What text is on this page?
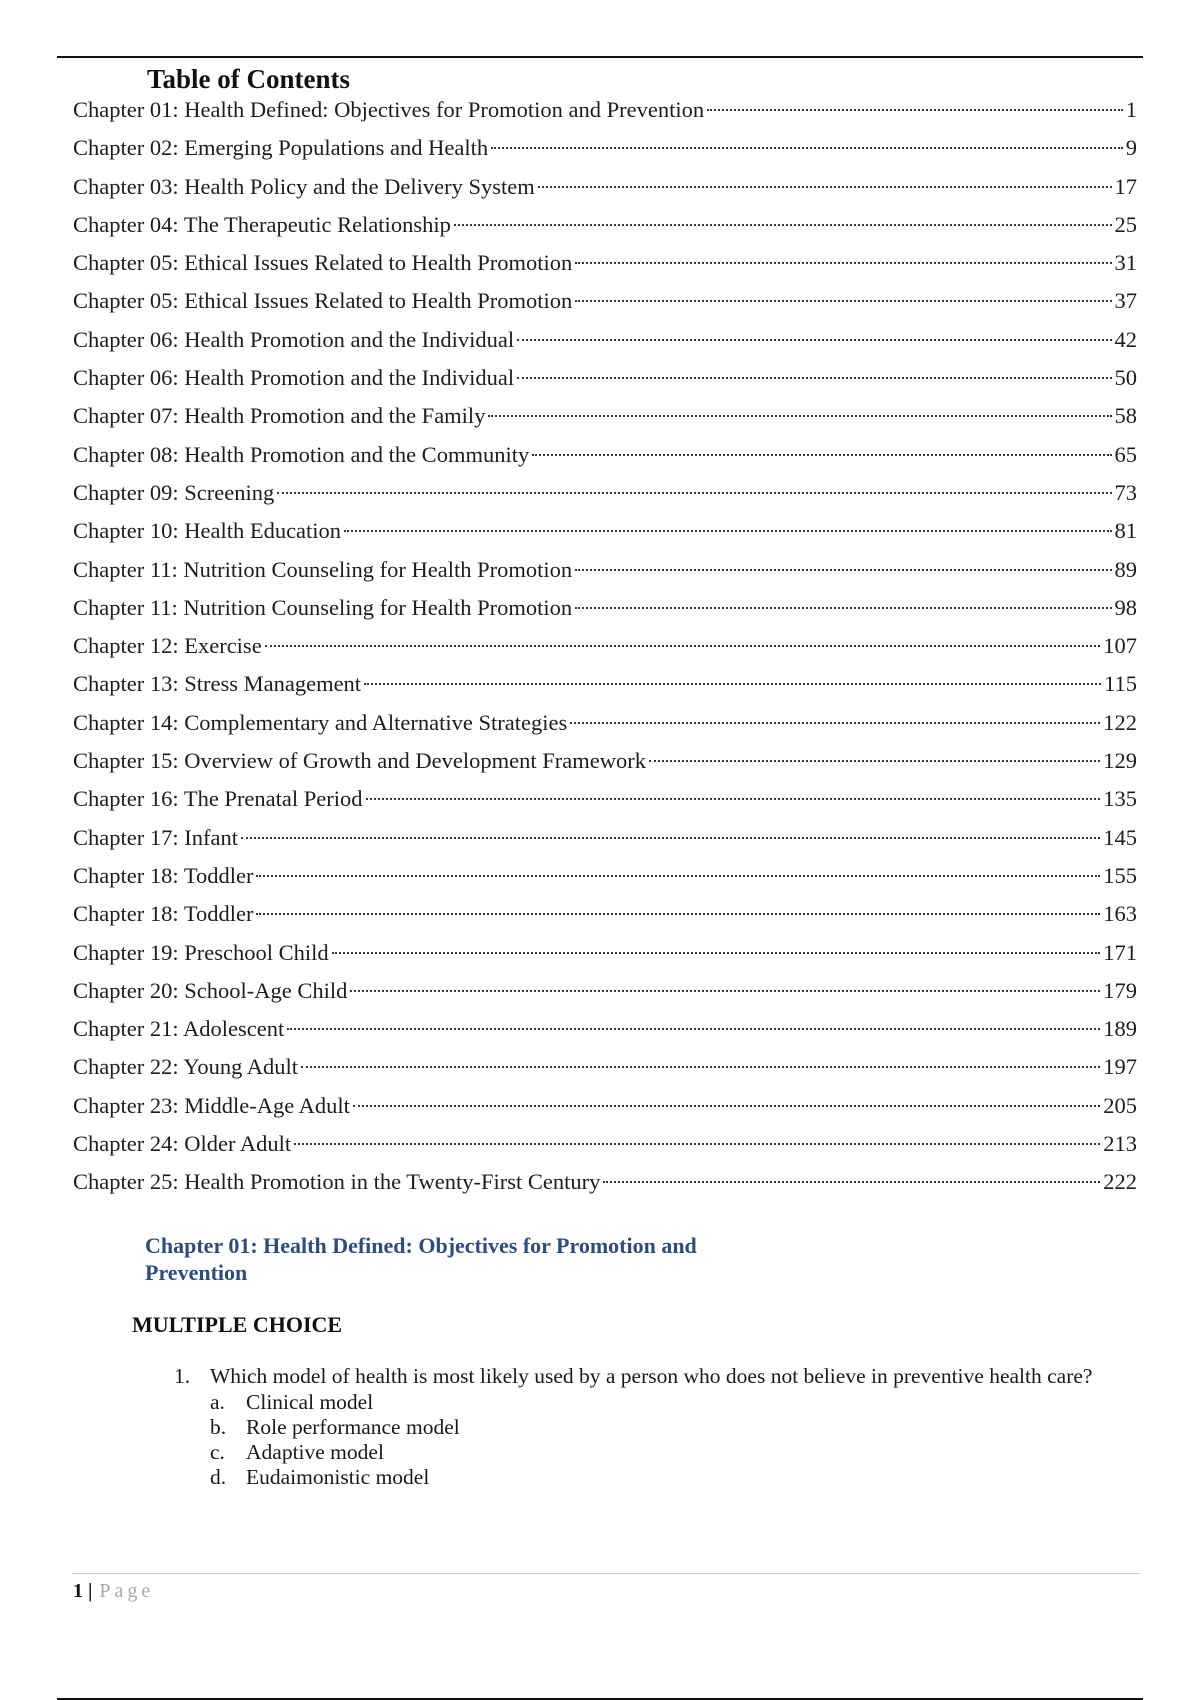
Table of Contents
Chapter 01: Health Defined: Objectives for Promotion and Prevention	1
Chapter 02: Emerging Populations and Health	9
Chapter 03: Health Policy and the Delivery System	17
Chapter 04: The Therapeutic Relationship	25
Chapter 05: Ethical Issues Related to Health Promotion	31
Chapter 05: Ethical Issues Related to Health Promotion	37
Chapter 06: Health Promotion and the Individual	42
Chapter 06: Health Promotion and the Individual	50
Chapter 07: Health Promotion and the Family	58
Chapter 08: Health Promotion and the Community	65
Chapter 09: Screening	73
Chapter 10: Health Education	81
Chapter 11: Nutrition Counseling for Health Promotion	89
Chapter 11: Nutrition Counseling for Health Promotion	98
Chapter 12: Exercise	107
Chapter 13: Stress Management	115
Chapter 14: Complementary and Alternative Strategies	122
Chapter 15: Overview of Growth and Development Framework	129
Chapter 16: The Prenatal Period	135
Chapter 17: Infant	145
Chapter 18: Toddler	155
Chapter 18: Toddler	163
Chapter 19: Preschool Child	171
Chapter 20: School-Age Child	179
Chapter 21: Adolescent	189
Chapter 22: Young Adult	197
Chapter 23: Middle-Age Adult	205
Chapter 24: Older Adult	213
Chapter 25: Health Promotion in the Twenty-First Century	222
Chapter 01: Health Defined: Objectives for Promotion and Prevention
MULTIPLE CHOICE
1. Which model of health is most likely used by a person who does not believe in preventive health care?
a. Clinical model
b. Role performance model
c. Adaptive model
d. Eudaimonistic model
1 | Page
